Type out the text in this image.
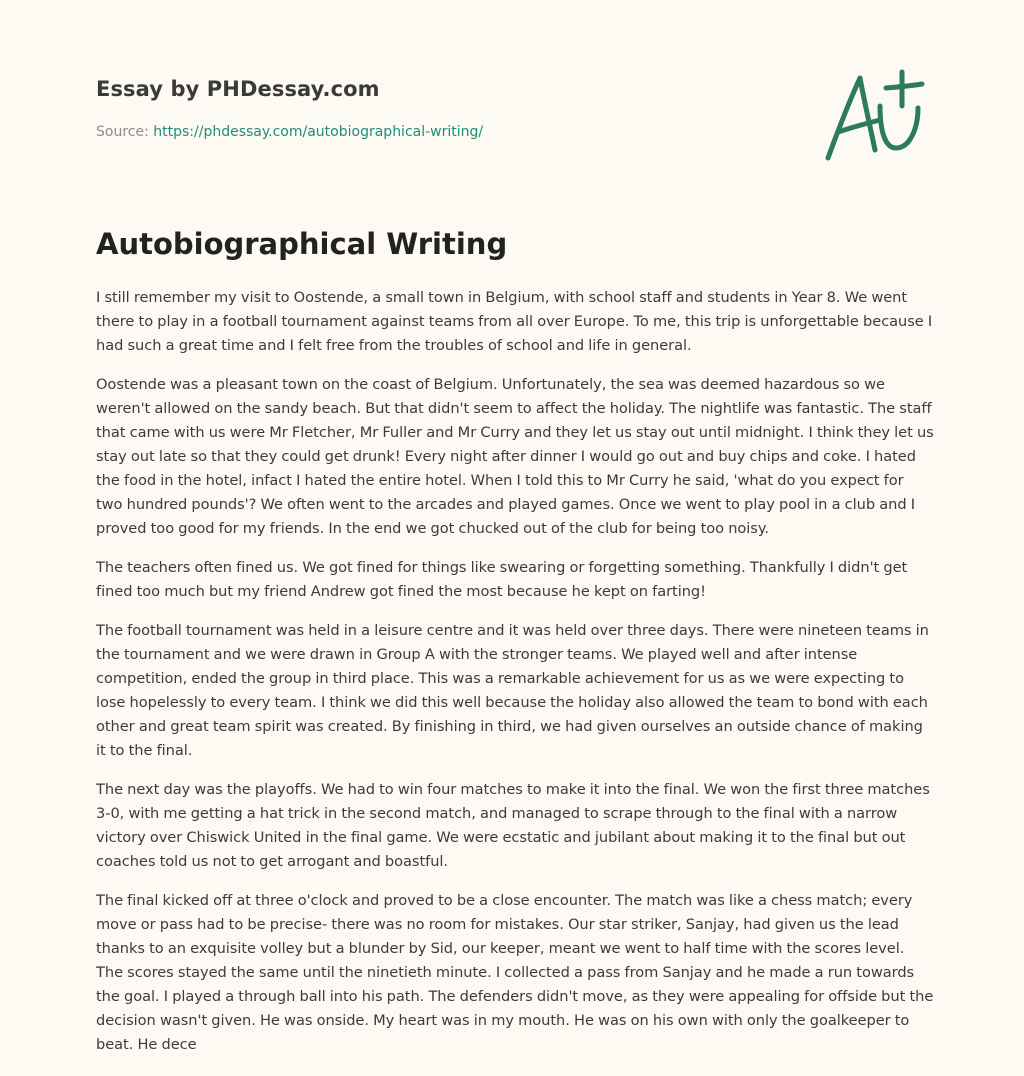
Essay by PHDessay.com
Source: https://phdessay.com/autobiographical-writing/
Autobiographical Writing

I still remember my visit to Oostende, a small town in Belgium, with school staff and students in Year 8. We went there to play in a football tournament against teams from all over Europe. To me, this trip is unforgettable because I had such a great time and I felt free from the troubles of school and life in general.

Oostende was a pleasant town on the coast of Belgium. Unfortunately, the sea was deemed hazardous so we weren't allowed on the sandy beach. But that didn't seem to affect the holiday. The nightlife was fantastic. The staff that came with us were Mr Fletcher, Mr Fuller and Mr Curry and they let us stay out until midnight. I think they let us stay out late so that they could get drunk! Every night after dinner I would go out and buy chips and coke. I hated the food in the hotel, infact I hated the entire hotel. When I told this to Mr Curry he said, 'what do you expect for two hundred pounds'? We often went to the arcades and played games. Once we went to play pool in a club and I proved too good for my friends. In the end we got chucked out of the club for being too noisy.

The teachers often fined us. We got fined for things like swearing or forgetting something. Thankfully I didn't get fined too much but my friend Andrew got fined the most because he kept on farting!

The football tournament was held in a leisure centre and it was held over three days. There were nineteen teams in the tournament and we were drawn in Group A with the stronger teams. We played well and after intense competition, ended the group in third place. This was a remarkable achievement for us as we were expecting to lose hopelessly to every team. I think we did this well because the holiday also allowed the team to bond with each other and great team spirit was created. By finishing in third, we had given ourselves an outside chance of making it to the final.

The next day was the playoffs. We had to win four matches to make it into the final. We won the first three matches 3-0, with me getting a hat trick in the second match, and managed to scrape through to the final with a narrow victory over Chiswick United in the final game. We were ecstatic and jubilant about making it to the final but out coaches told us not to get arrogant and boastful.

The final kicked off at three o'clock and proved to be a close encounter. The match was like a chess match; every move or pass had to be precise- there was no room for mistakes. Our star striker, Sanjay, had given us the lead thanks to an exquisite volley but a blunder by Sid, our keeper, meant we went to half time with the scores level. The scores stayed the same until the ninetieth minute. I collected a pass from Sanjay and he made a run towards the goal. I played a through ball into his path. The defenders didn't move, as they were appealing for offside but the decision wasn't given. He was onside. My heart was in my mouth. He was on his own with only the goalkeeper to beat. He dece
